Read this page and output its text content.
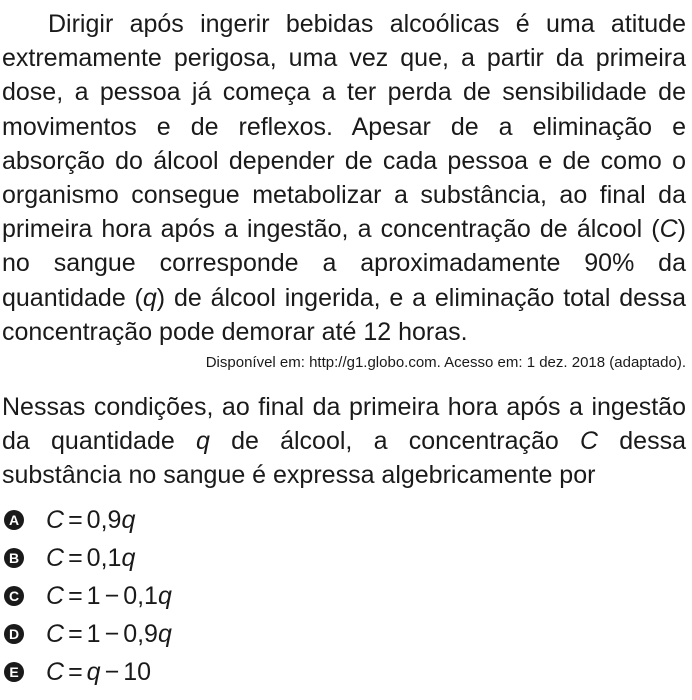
Dirigir após ingerir bebidas alcoólicas é uma atitude extremamente perigosa, uma vez que, a partir da primeira dose, a pessoa já começa a ter perda de sensibilidade de movimentos e de reflexos. Apesar de a eliminação e absorção do álcool depender de cada pessoa e de como o organismo consegue metabolizar a substância, ao final da primeira hora após a ingestão, a concentração de álcool (C) no sangue corresponde a aproximadamente 90% da quantidade (q) de álcool ingerida, e a eliminação total dessa concentração pode demorar até 12 horas.

Disponível em: http://g1.globo.com. Acesso em: 1 dez. 2018 (adaptado).

Nessas condições, ao final da primeira hora após a ingestão da quantidade q de álcool, a concentração C dessa substância no sangue é expressa algebricamente por

A C = 0,9q
B C = 0,1q
C C = 1 − 0,1q
D C = 1 − 0,9q
E C = q − 10
